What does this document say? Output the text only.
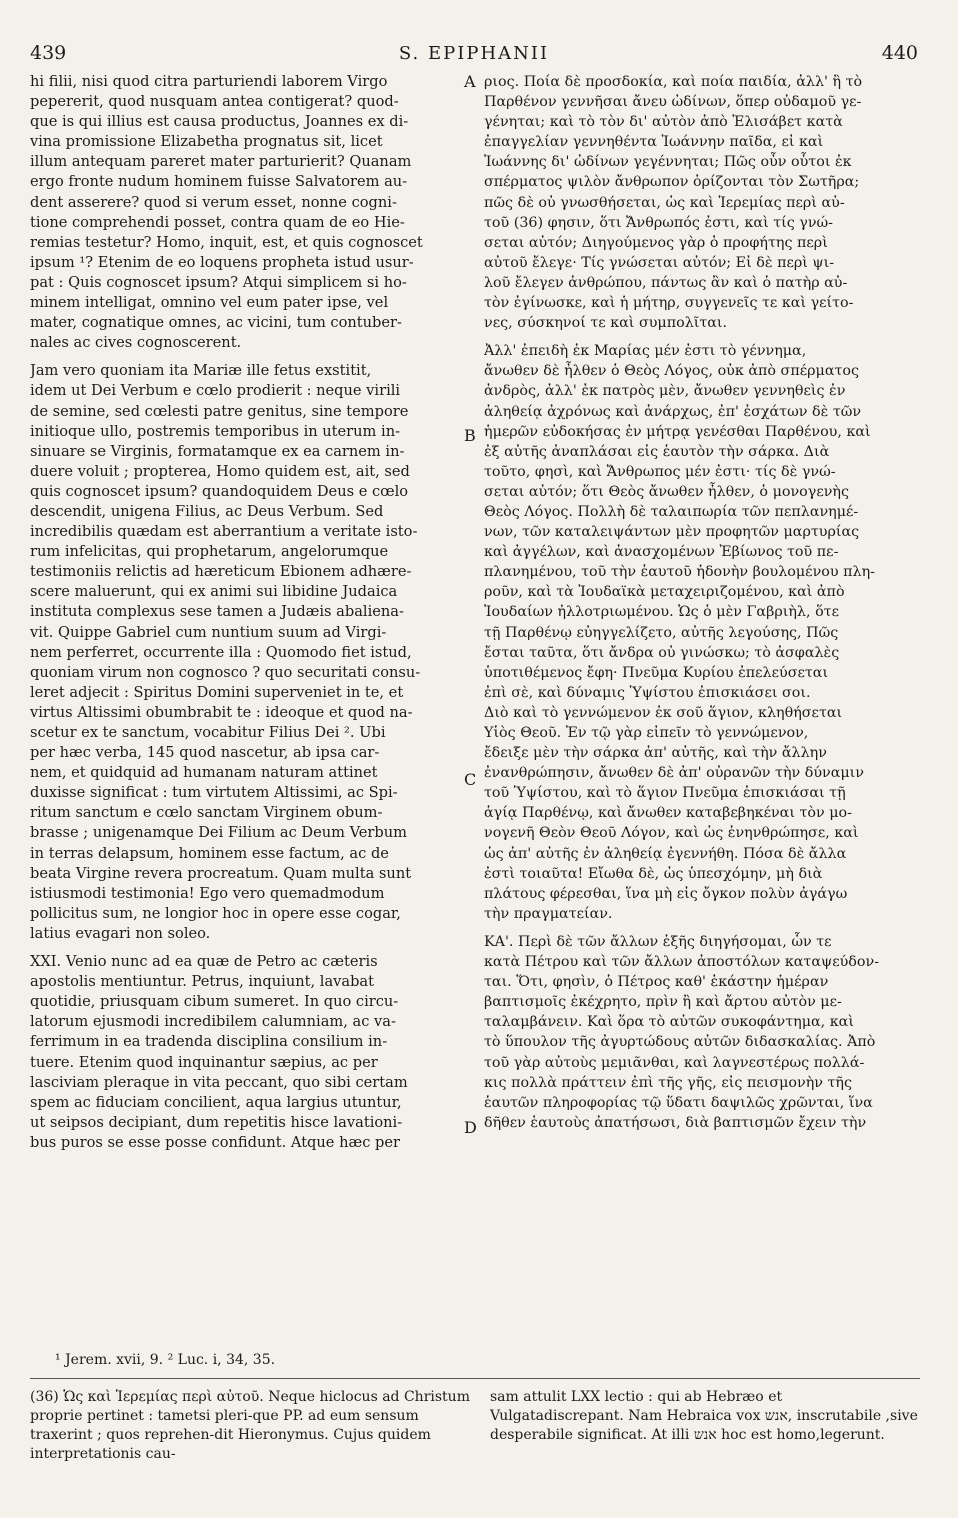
439	S. EPIPHANII	440
hi filii, nisi quod citra parturiendi laborem Virgo
pepererit, quod nusquam antea contigerat? quod-
que is qui illius est causa productus, Joannes ex di-
vina promissione Elizabetha prognatus sit, licet
illum antequam pareret mater parturierit? Quanam
ergo fronte nudum hominem fuisse Salvatorem au-
dent asserere? quod si verum esset, nonne cogni-
tione comprehendi posset, contra quam de eo Hie-
remias testetur? Homo, inquit, est, et quis cognoscet
ipsum ¹? Etenim de eo loquens propheta istud usur-
pat : Quis cognoscet ipsum? Atqui simplicem si ho-
minem intelligat, omnino vel eum pater ipse, vel
mater, cognatique omnes, ac vicini, tum contuber-
nales ac cives cognoscerent.
Jam vero quoniam ita Mariæ ille fetus exstitit,
idem ut Dei Verbum e cœlo prodierit : neque virili
de semine, sed cœlesti patre genitus, sine tempore
initioque ullo, postremis temporibus in uterum in-
sinuare se Virginis, formatamque ex ea carnem in-
duere voluit ; propterea, Homo quidem est, ait, sed
quis cognoscet ipsum? quandoquidem Deus e cœlo
descendit, unigena Filius, ac Deus Verbum. Sed
incredibilis quædam est aberrantium a veritate isto-
rum infelicitas, qui prophetarum, angelorumque
testimoniis relictis ad hæreticum Ebionem adhære-
scere maluerunt, qui ex animi sui libidine Judaica
instituta complexus sese tamen a Judæis abaliena-
vit. Quippe Gabriel cum nuntium suum ad Virgi-
nem perferret, occurrente illa : Quomodo fiet istud,
quoniam virum non cognosco ? quo securitati consu-
leret adjecit : Spiritus Domini superveniet in te, et
virtus Altissimi obumbrabit te : ideoque et quod na-
scetur ex te sanctum, vocabitur Filius Dei ². Ubi
per hæc verba, 145 quod nascetur, ab ipsa car-
nem, et quidquid ad humanam naturam attinet
duxisse significat : tum virtutem Altissimi, ac Spi-
ritum sanctum e cœlo sanctam Virginem obum-
brasse ; unigenamque Dei Filium ac Deum Verbum
in terras delapsum, hominem esse factum, ac de
beata Virgine revera procreatum. Quam multa sunt
istiusmodi testimonia! Ego vero quemadmodum
pollicitus sum, ne longior hoc in opere esse cogar,
latius evagari non soleo.
XXI. Venio nunc ad ea quæ de Petro ac cæteris
apostolis mentiuntur. Petrus, inquiunt, lavabat
quotidie, priusquam cibum sumeret. In quo circu-
latorum ejusmodi incredibilem calumniam, ac va-
ferrimum in ea tradenda disciplina consilium in-
tuere. Etenim quod inquinantur sæpius, ac per
lasciviam pleraque in vita peccant, quo sibi certam
spem ac fiduciam concilient, aqua largius utuntur,
ut seipsos decipiant, dum repetitis hisce lavationi-
bus puros se esse posse confidunt. Atque hæc per
ριος. Ποία δὲ προσδοκία, καὶ ποία παιδία, ἀλλ' ἢ τὸ
Παρθένον γεννῆσαι ἄνευ ὠδίνων, ὅπερ οὐδαμοῦ γε-
γένηται; καὶ τὸ τὸν δι' αὐτὸν ἀπὸ Ἐλισάβετ κατὰ
ἐπαγγελίαν γεννηθέντα Ἰωάννην παῖδα, εἰ καὶ
Ἰωάννης δι' ὠδίνων γεγέννηται; Πῶς οὖν οὗτοι ἐκ
σπέρματος ψιλὸν ἄνθρωπον ὁρίζονται τὸν Σωτῆρα;
πῶς δὲ οὐ γνωσθήσεται, ὡς καὶ Ἱερεμίας περὶ αὐ-
τοῦ (36) φησιν, ὅτι Ἄνθρωπός ἐστι, καὶ τίς γνώ-
σεται αὐτόν; Διηγούμενος γὰρ ὁ προφήτης περὶ
αὐτοῦ ἔλεγε· Τίς γνώσεται αὐτόν; Εἰ δὲ περὶ ψι-
λοῦ ἔλεγεν ἀνθρώπου, πάντως ἂν καὶ ὁ πατὴρ αὐ-
τὸν ἐγίνωσκε, καὶ ἡ μήτηρ, συγγενεῖς τε καὶ γείτο-
νες, σύσκηνοί τε καὶ συμπολῖται.
Ἀλλ' ἐπειδὴ ἐκ Μαρίας μέν ἐστι τὸ γέννημα,
ἄνωθεν δὲ ἦλθεν ὁ Θεὸς Λόγος, οὐκ ἀπὸ σπέρματος
ἀνδρὸς, ἀλλ' ἐκ πατρὸς μὲν, ἄνωθεν γεννηθεὶς ἐν
ἀληθείᾳ ἀχρόνως καὶ ἀνάρχως, ἐπ' ἐσχάτων δὲ τῶν
ἡμερῶν εὐδοκήσας ἐν μήτρᾳ γενέσθαι Παρθένου, καὶ
ἐξ αὐτῆς ἀναπλάσαι εἰς ἑαυτὸν τὴν σάρκα. Διὰ
τοῦτο, φησὶ, καὶ Ἄνθρωπος μέν ἐστι· τίς δὲ γνώ-
σεται αὐτόν; ὅτι Θεὸς ἄνωθεν ἦλθεν, ὁ μονογενὴς
Θεὸς Λόγος. Πολλὴ δὲ ταλαιπωρία τῶν πεπλανημέ-
νων, τῶν καταλειψάντων μὲν προφητῶν μαρτυρίας
καὶ ἀγγέλων, καὶ ἀνασχομένων Ἐβίωνος τοῦ πε-
πλανημένου, τοῦ τὴν ἑαυτοῦ ἡδονὴν βουλομένου πλη-
ροῦν, καὶ τὰ Ἰουδαϊκὰ μεταχειριζομένου, καὶ ἀπὸ
Ἰουδαίων ἠλλοτριωμένου. Ὡς ὁ μὲν Γαβριὴλ, ὅτε
τῇ Παρθένῳ εὐηγγελίζετο, αὐτῆς λεγούσης, Πῶς
ἔσται ταῦτα, ὅτι ἄνδρα οὐ γινώσκω; τὸ ἀσφαλὲς
ὑποτιθέμενος ἔφη· Πνεῦμα Κυρίου ἐπελεύσεται
ἐπὶ σὲ, καὶ δύναμις Ὑψίστου ἐπισκιάσει σοι.
Διὸ καὶ τὸ γεννώμενον ἐκ σοῦ ἅγιον, κληθήσεται
Υἱὸς Θεοῦ. Ἐν τῷ γὰρ εἰπεῖν τὸ γεννώμενον,
ἔδειξε μὲν τὴν σάρκα ἀπ' αὐτῆς, καὶ τὴν ἄλλην
ἐνανθρώπησιν, ἄνωθεν δὲ ἀπ' οὐρανῶν τὴν δύναμιν
τοῦ Ὑψίστου, καὶ τὸ ἅγιον Πνεῦμα ἐπισκιάσαι τῇ
ἁγίᾳ Παρθένῳ, καὶ ἄνωθεν καταβεβηκέναι τὸν μο-
νογενῆ Θεὸν Θεοῦ Λόγον, καὶ ὡς ἐνηνθρώπησε, καὶ
ὡς ἀπ' αὐτῆς ἐν ἀληθείᾳ ἐγεννήθη. Πόσα δὲ ἄλλα
ἐστὶ τοιαῦτα! Εἴωθα δὲ, ὡς ὑπεσχόμην, μὴ διὰ
πλάτους φέρεσθαι, ἵνα μὴ εἰς ὄγκον πολὺν ἀγάγω
τὴν πραγματείαν.
ΚΑ'. Περὶ δὲ τῶν ἄλλων ἑξῆς διηγήσομαι, ὧν τε
κατὰ Πέτρου καὶ τῶν ἄλλων ἀποστόλων καταψεύδον-
ται. Ὅτι, φησὶν, ὁ Πέτρος καθ' ἑκάστην ἡμέραν
βαπτισμοῖς ἐκέχρητο, πρὶν ἢ καὶ ἄρτου αὐτὸν με-
ταλαμβάνειν. Καὶ ὅρα τὸ αὐτῶν συκοφάντημα, καὶ
τὸ ὕπουλον τῆς ἀγυρτώδους αὐτῶν διδασκαλίας. Ἀπὸ
τοῦ γὰρ αὐτοὺς μεμιᾶνθαι, καὶ λαγνεστέρως πολλά-
κις πολλὰ πράττειν ἐπὶ τῆς γῆς, εἰς πεισμονὴν τῆς
ἑαυτῶν πληροφορίας τῷ ὕδατι δαψιλῶς χρῶνται, ἵνα
δῆθεν ἑαυτοὺς ἀπατήσωσι, διὰ βαπτισμῶν ἔχειν τὴν
A
B
C
D
¹ Jerem. xvii, 9. ² Luc. i, 34, 35.
(36) Ὡς καὶ Ἱερεμίας περὶ αὐτοῦ. Neque hiclocus ad Christum proprie pertinet : tametsi pleri-que PP. ad eum sensum traxerint ; quos reprehen-dit Hieronymus. Cujus quidem interpretationis cau-
sam attulit LXX lectio : qui ab Hebræo et Vulgatadiscrepant. Nam Hebraica vox אנש, inscrutabile ,sive desperabile significat. At illi אנש hoc est homo,legerunt.
